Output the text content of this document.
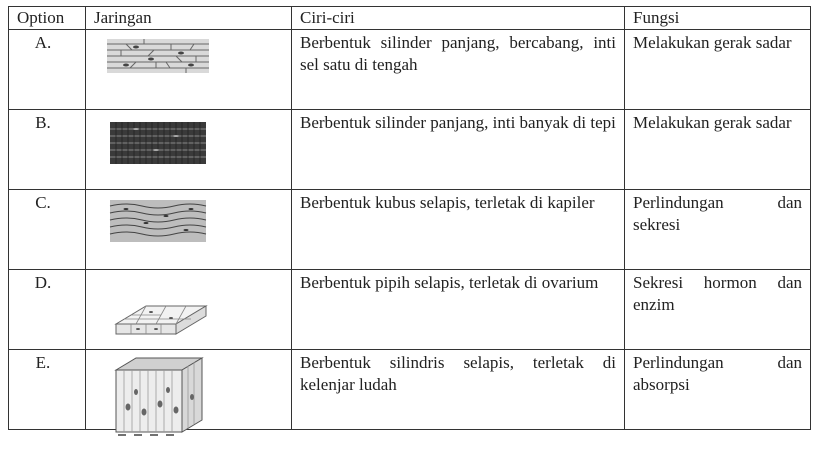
Option	Jaringan	Ciri-ciri	Fungsi
A.		Berbentuk silinder panjang, bercabang, inti sel satu di tengah	Melakukan gerak sadar
B.		Berbentuk silinder panjang, inti banyak di tepi	Melakukan gerak sadar
C.		Berbentuk kubus selapis, terletak di kapiler	Perlindungan dan sekresi
D.		Berbentuk pipih selapis, terletak di ovarium	Sekresi hormon dan enzim
E.		Berbentuk silindris selapis, terletak di kelenjar ludah	Perlindungan dan absorpsi
